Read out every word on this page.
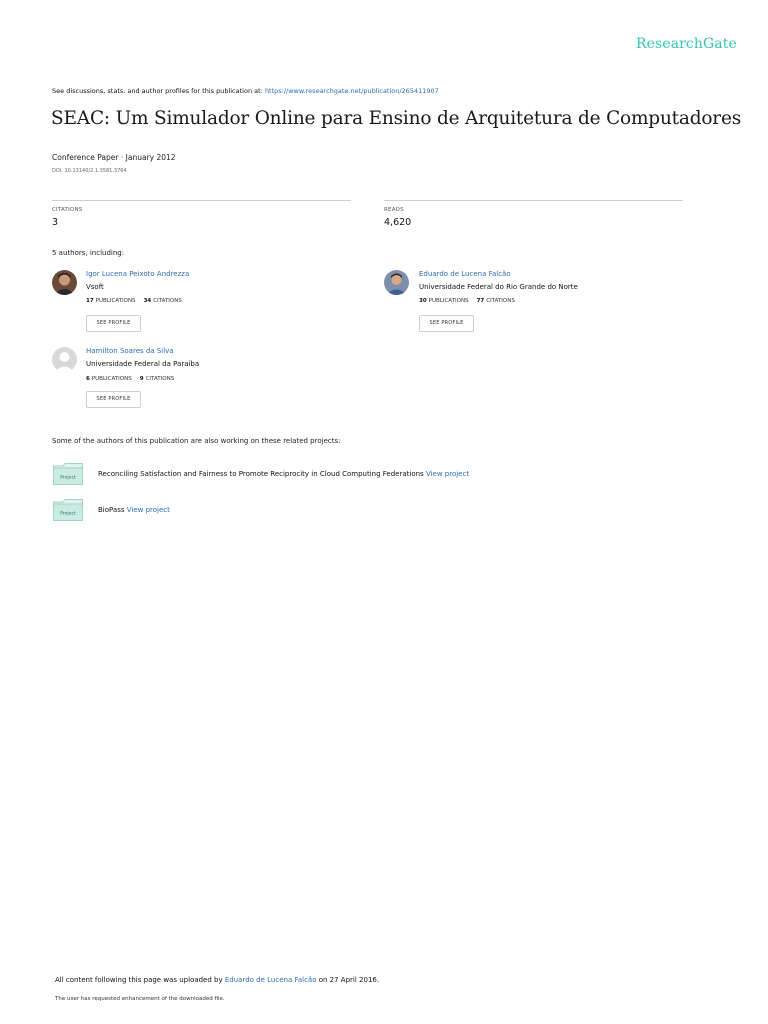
ResearchGate
See discussions, stats, and author profiles for this publication at: https://www.researchgate.net/publication/265411907
SEAC: Um Simulador Online para Ensino de Arquitetura de Computadores
Conference Paper · January 2012
DOI: 10.13140/2.1.3581.3764
CITATIONS
3
READS
4,620
5 authors, including:
Igor Lucena Peixoto Andrezza
Vsoft
17 PUBLICATIONS 34 CITATIONS
SEE PROFILE
Eduardo de Lucena Falcão
Universidade Federal do Rio Grande do Norte
30 PUBLICATIONS 77 CITATIONS
SEE PROFILE
Hamilton Soares da Silva
Universidade Federal da Paraíba
6 PUBLICATIONS 9 CITATIONS
SEE PROFILE
Some of the authors of this publication are also working on these related projects:
Project	Reconciling Satisfaction and Fairness to Promote Reciprocity in Cloud Computing Federations View project
Project	BioPass View project
All content following this page was uploaded by Eduardo de Lucena Falcão on 27 April 2016.
The user has requested enhancement of the downloaded file.
